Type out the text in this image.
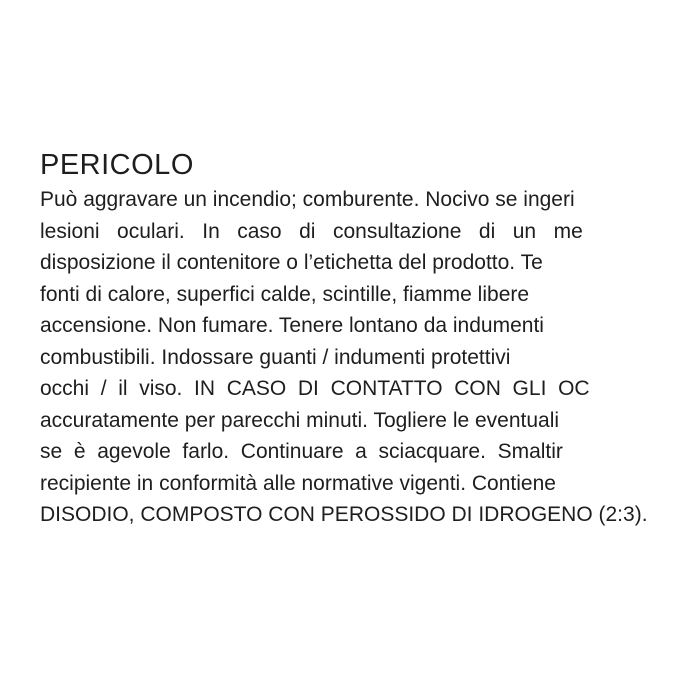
PERICOLO
Può aggravare un incendio; comburente. Nocivo se ingeri
lesioni   oculari.   In   caso   di   consultazione   di   un   me
disposizione il contenitore o l’etichetta del prodotto. Te
fonti di calore, superfici calde, scintille, fiamme libere
accensione. Non fumare. Tenere lontano da indumenti
combustibili. Indossare guanti / indumenti protettivi
occhi  /  il  viso.  IN  CASO  DI  CONTATTO  CON  GLI  OC
accuratamente per parecchi minuti. Togliere le eventuali
se  è  agevole  farlo.  Continuare  a  sciacquare.  Smaltir
recipiente in conformità alle normative vigenti. Contiene
DISODIO, COMPOSTO CON PEROSSIDO DI IDROGENO (2:3).
